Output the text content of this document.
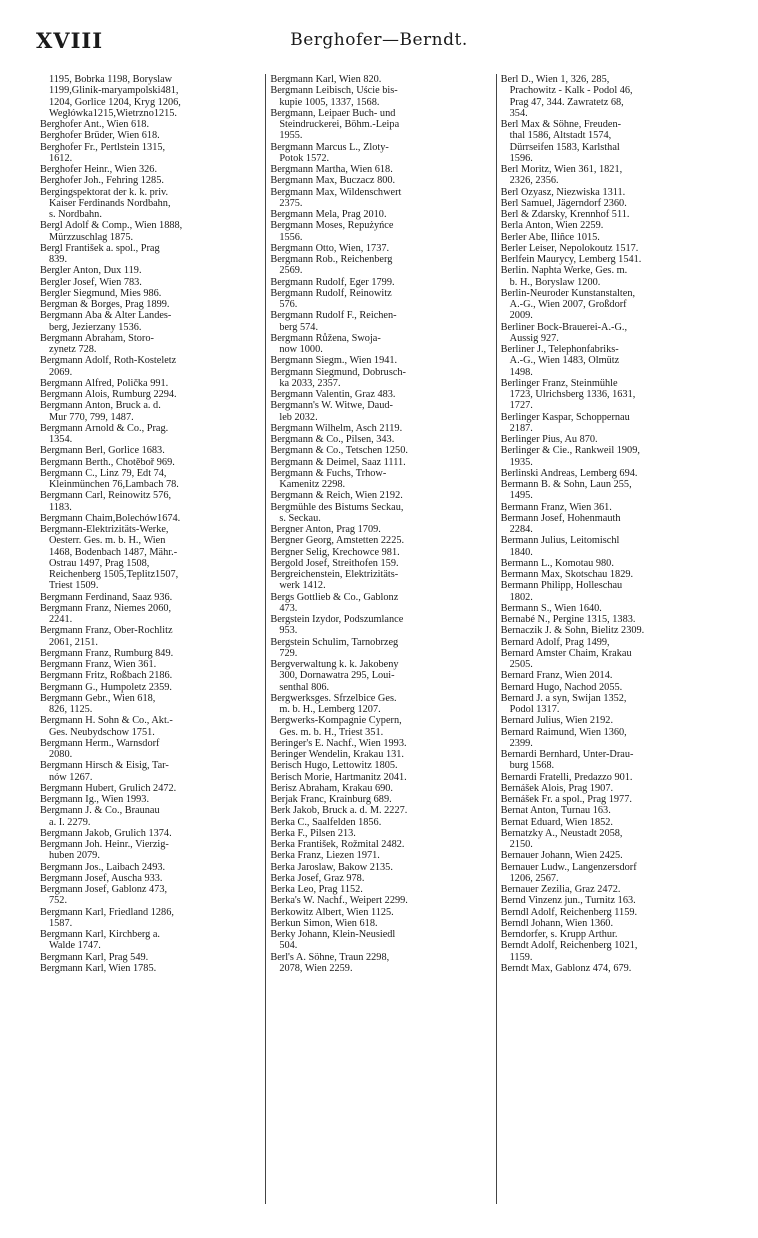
XVIII	Berghofer—Berndt.
1195, Bobrka 1198, Boryslaw
1199,Glinik-maryampolski481,
1204, Gorlice 1204, Kryg 1206,
Wegłówka1215,Wietrzno1215.
Berghofer Ant., Wien 618.
Berghofer Brüder, Wien 618.
Berghofer Fr., Pertlstein 1315,
1612.
Berghofer Heinr., Wien 326.
Berghofer Joh., Fehring 1285.
Bergingspektorat der k. k. priv.
Kaiser Ferdinands Nordbahn,
s. Nordbahn.
Bergl Adolf & Comp., Wien 1888,
Mürzzuschlag 1875.
Bergl František a. spol., Prag
839.
Bergler Anton, Dux 119.
Bergler Josef, Wien 783.
Bergler Siegmund, Mies 986.
Bergman & Borges, Prag 1899.
Bergmann Aba & Alter Landes-
berg, Jezierzany 1536.
Bergmann Abraham, Storo-
zynetz 728.
Bergmann Adolf, Roth-Kosteletz
2069.
Bergmann Alfred, Polička 991.
Bergmann Alois, Rumburg 2294.
Bergmann Anton, Bruck a. d.
Mur 770, 799, 1487.
Bergmann Arnold & Co., Prag.
1354.
Bergmann Berl, Gorlice 1683.
Bergmann Berth., Chotěboř 969.
Bergmann C., Linz 79, Edt 74,
Kleinmünchen 76,Lambach 78.
Bergmann Carl, Reinowitz 576,
1183.
Bergmann Chaim,Bolechów1674.
Bergmann-Elektrizitäts-Werke,
Oesterr. Ges. m. b. H., Wien
1468, Bodenbach 1487, Mähr.-
Ostrau 1497, Prag 1508,
Reichenberg 1505,Teplitz1507,
Triest 1509.
Bergmann Ferdinand, Saaz 936.
Bergmann Franz, Niemes 2060,
2241.
Bergmann Franz, Ober-Rochlitz
2061, 2151.
Bergmann Franz, Rumburg 849.
Bergmann Franz, Wien 361.
Bergmann Fritz, Roßbach 2186.
Bergmann G., Humpoletz 2359.
Bergmann Gebr., Wien 618,
826, 1125.
Bergmann H. Sohn & Co., Akt.-
Ges. Neubydschow 1751.
Bergmann Herm., Warnsdorf
2080.
Bergmann Hirsch & Eisig, Tar-
nów 1267.
Bergmann Hubert, Grulich 2472.
Bergmann Ig., Wien 1993.
Bergmann J. & Co., Braunau
a. I. 2279.
Bergmann Jakob, Grulich 1374.
Bergmann Joh. Heinr., Vierzig-
huben 2079.
Bergmann Jos., Laibach 2493.
Bergmann Josef, Auscha 933.
Bergmann Josef, Gablonz 473,
752.
Bergmann Karl, Friedland 1286,
1587.
Bergmann Karl, Kirchberg a.
Walde 1747.
Bergmann Karl, Prag 549.
Bergmann Karl, Wien 1785.
Bergmann Karl, Wien 820.
Bergmann Leibisch, Uście bis-
kupie 1005, 1337, 1568.
Bergmann, Leipaer Buch- und
Steindruckerei, Böhm.-Leipa
1955.
Bergmann Marcus L., Zloty-
Potok 1572.
Bergmann Martha, Wien 618.
Bergmann Max, Buczacz 800.
Bergmann Max, Wildenschwert
2375.
Bergmann Mela, Prag 2010.
Bergmann Moses, Repużyńce
1556.
Bergmann Otto, Wien, 1737.
Bergmann Rob., Reichenberg
2569.
Bergmann Rudolf, Eger 1799.
Bergmann Rudolf, Reinowitz
576.
Bergmann Rudolf F., Reichen-
berg 574.
Bergmann Růžena, Swoja-
now 1000.
Bergmann Siegm., Wien 1941.
Bergmann Siegmund, Dobrusch-
ka 2033, 2357.
Bergmann Valentin, Graz 483.
Bergmann's W. Witwe, Daud-
leb 2032.
Bergmann Wilhelm, Asch 2119.
Bergmann & Co., Pilsen, 343.
Bergmann & Co., Tetschen 1250.
Bergmann & Deimel, Saaz 1111.
Bergmann & Fuchs, Trhow-
Kamenitz 2298.
Bergmann & Reich, Wien 2192.
Bergmühle des Bistums Seckau,
s. Seckau.
Bergner Anton, Prag 1709.
Bergner Georg, Amstetten 2225.
Bergner Selig, Krechowce 981.
Bergold Josef, Streithofen 159.
Bergreichenstein, Elektrizitäts-
werk 1412.
Bergs Gottlieb & Co., Gablonz
473.
Bergstein Izydor, Podszumlance
953.
Bergstein Schulim, Tarnobrzeg
729.
Bergverwaltung k. k. Jakobeny
300, Dornawatra 295, Loui-
senthal 806.
Bergwerksges. Sfrzelbice Ges.
m. b. H., Lemberg 1207.
Bergwerks-Kompagnie Cypern,
Ges. m. b. H., Triest 351.
Beringer's E. Nachf., Wien 1993.
Beringer Wendelin, Krakau 131.
Berisch Hugo, Lettowitz 1805.
Berisch Morie, Hartmanitz 2041.
Berisz Abraham, Krakau 690.
Berjak Franc, Krainburg 689.
Berk Jakob, Bruck a. d. M. 2227.
Berka C., Saalfelden 1856.
Berka F., Pilsen 213.
Berka František, Rožmital 2482.
Berka Franz, Liezen 1971.
Berka Jaroslaw, Bakow 2135.
Berka Josef, Graz 978.
Berka Leo, Prag 1152.
Berka's W. Nachf., Weipert 2299.
Berkowitz Albert, Wien 1125.
Berkun Simon, Wien 618.
Berky Johann, Klein-Neusiedl
504.
Berl's A. Söhne, Traun 2298,
2078, Wien 2259.
Berl D., Wien 1, 326, 285,
Prachowitz - Kalk - Podol 46,
Prag 47, 344. Zawratetz 68,
354.
Berl Max & Söhne, Freuden-
thal 1586, Altstadt 1574,
Dürrseifen 1583, Karlsthal
1596.
Berl Moritz, Wien 361, 1821,
2326, 2356.
Berl Ozyasz, Niezwiska 1311.
Berl Samuel, Jägerndorf 2360.
Berl & Zdarsky, Krennhof 511.
Berla Anton, Wien 2259.
Berler Abe, Iliñce 1015.
Berler Leiser, Nepolokoutz 1517.
Berlfein Maurycy, Lemberg 1541.
Berlin. Naphta Werke, Ges. m.
b. H., Boryslaw 1200.
Berlin-Neuroder Kunstanstalten,
A.-G., Wien 2007, Großdorf
2009.
Berliner Bock-Brauerei-A.-G.,
Aussig 927.
Berliner J., Telephonfabriks-
A.-G., Wien 1483, Olmütz
1498.
Berlinger Franz, Steinmühle
1723, Ulrichsberg 1336, 1631,
1727.
Berlinger Kaspar, Schoppernau
2187.
Berlinger Pius, Au 870.
Berlinger & Cie., Rankweil 1909,
1935.
Berlinski Andreas, Lemberg 694.
Bermann B. & Sohn, Laun 255,
1495.
Bermann Franz, Wien 361.
Bermann Josef, Hohenmauth
2284.
Bermann Julius, Leitomischl
1840.
Bermann L., Komotau 980.
Bermann Max, Skotschau 1829.
Bermann Philipp, Holleschau
1802.
Bermann S., Wien 1640.
Bernabé N., Pergine 1315, 1383.
Bernaczik J. & Sohn, Bielitz 2309.
Bernard Adolf, Prag 1499,
Bernard Amster Chaim, Krakau
2505.
Bernard Franz, Wien 2014.
Bernard Hugo, Nachod 2055.
Bernard J. a syn, Swijan 1352,
Podol 1317.
Bernard Julius, Wien 2192.
Bernard Raimund, Wien 1360,
2399.
Bernardi Bernhard, Unter-Drau-
burg 1568.
Bernardi Fratelli, Predazzo 901.
Bernášek Alois, Prag 1907.
Bernášek Fr. a spol., Prag 1977.
Bernat Anton, Turnau 163.
Bernat Eduard, Wien 1852.
Bernatzky A., Neustadt 2058,
2150.
Bernauer Johann, Wien 2425.
Bernauer Ludw., Langenzersdorf
1206, 2567.
Bernauer Zezilia, Graz 2472.
Bernd Vinzenz jun., Turnitz 163.
Berndl Adolf, Reichenberg 1159.
Berndl Johann, Wien 1360.
Berndorfer, s. Krupp Arthur.
Berndt Adolf, Reichenberg 1021,
1159.
Berndt Max, Gablonz 474, 679.
